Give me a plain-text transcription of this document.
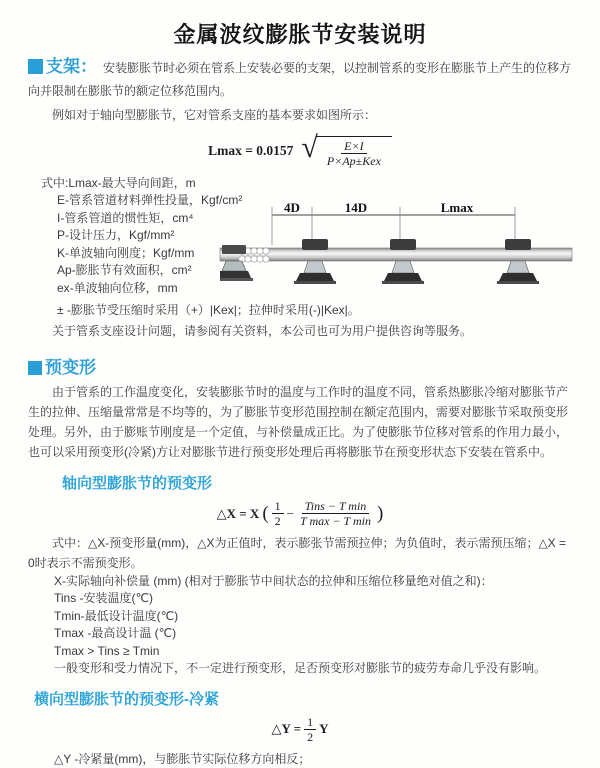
金属波纹膨胀节安装说明

支架： 安装膨胀节时必须在管系上安装必要的支架，以控制管系的变形在膨胀节上产生的位移方向并限制在膨胀节的额定位移范围内。

例如对于轴向型膨胀节，它对管系支座的基本要求如图所示：

Lmax = 0.0157 √ $\frac{E\times I}{\text{P×Ap±Kex}}$
式中:Lmax-最大导向间距，m
E-管系管道材料弹性投量，Kgf/cm²
I-管系管道的惯性矩，cm⁴
P-设计压力，Kgf/mm²
K-单波轴向刚度；Kgf/mm
Ap-膨胀节有效面积，cm²
ex-单波轴向位移，mm
4D	14D	Lmax

± -膨胀节受压缩时采用（+）|Kex|；拉伸时采用(-)|Kex|。

关于管系支座设计问题，请参阅有关资料，本公司也可为用户提供咨询等服务。

预变形

由于管系的工作温度变化，安装膨胀节时的温度与工作时的温度不同，管系热膨胀冷缩对膨胀节产生的拉伸、压缩量常常是不均等的，为了膨胀节变形范围控制在额定范围内，需要对膨胀节采取预变形处理。另外，由于膨账节刚度是一个定值，与补偿量成正比。为了使膨胀节位移对管系的作用力最小，也可以采用预变形(冷紧)方让对膨胀节进行预变形处理后再将膨胀节在预变形状态下安装在管系中。

轴向型膨胀节的预变形
△X = X ( $\frac{1}{2} - \frac{\text{Tins − T min}}{\text{T max − T min}}$ )

式中：△X-预变形量(mm)，△X为正值时，表示膨张节需预拉伸；为负值时，表示需预压缩；△X = 0时表示不需预变形。

X-实际轴向补偿量 (mm) (相对于膨胀节中间状态的拉伸和压缩位移量绝对值之和)：
Tins -安装温度(℃)
Tmin-最低设计温度(℃)
Tmax -最高设计温 (℃)
Tmax > Tins ≥ Tmin
一般变形和受力情况下，不一定进行预变形，足否预变形对膨胀节的疲劳寿命几乎没有影响。
横向型膨胀节的预变形-冷紧
△Y = $\frac{1}{2}$ Y

△Y -冷紧量(mm)，与膨胀节实际位移方向相反；
